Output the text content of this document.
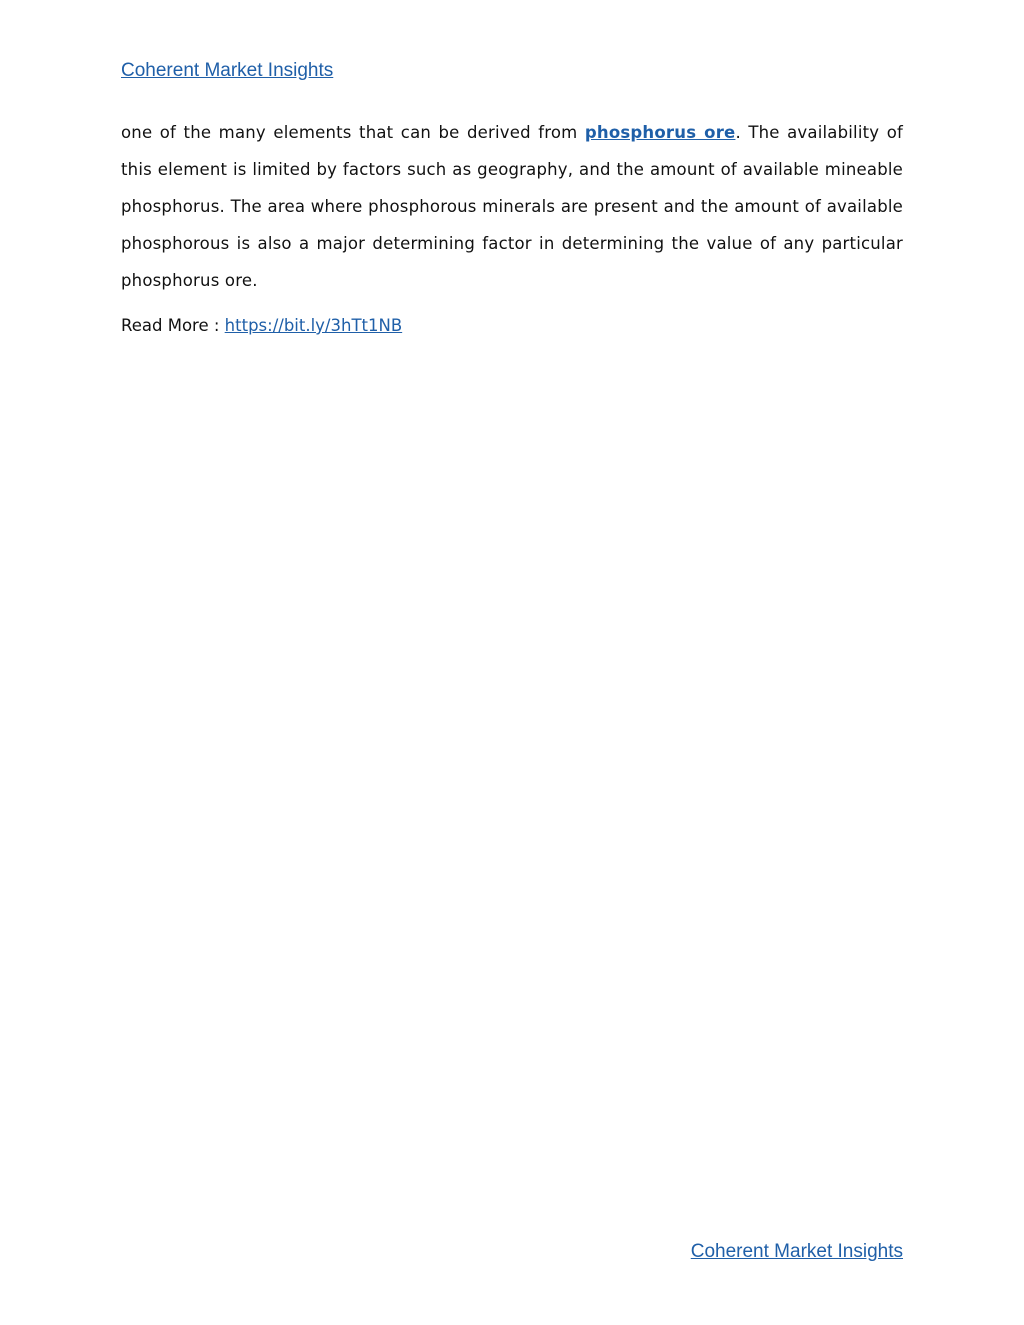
Coherent Market Insights

one of the many elements that can be derived from phosphorus ore. The availability of this element is limited by factors such as geography, and the amount of available mineable phosphorus. The area where phosphorous minerals are present and the amount of available phosphorous is also a major determining factor in determining the value of any particular phosphorus ore.

Read More : https://bit.ly/3hTt1NB
Coherent Market Insights
